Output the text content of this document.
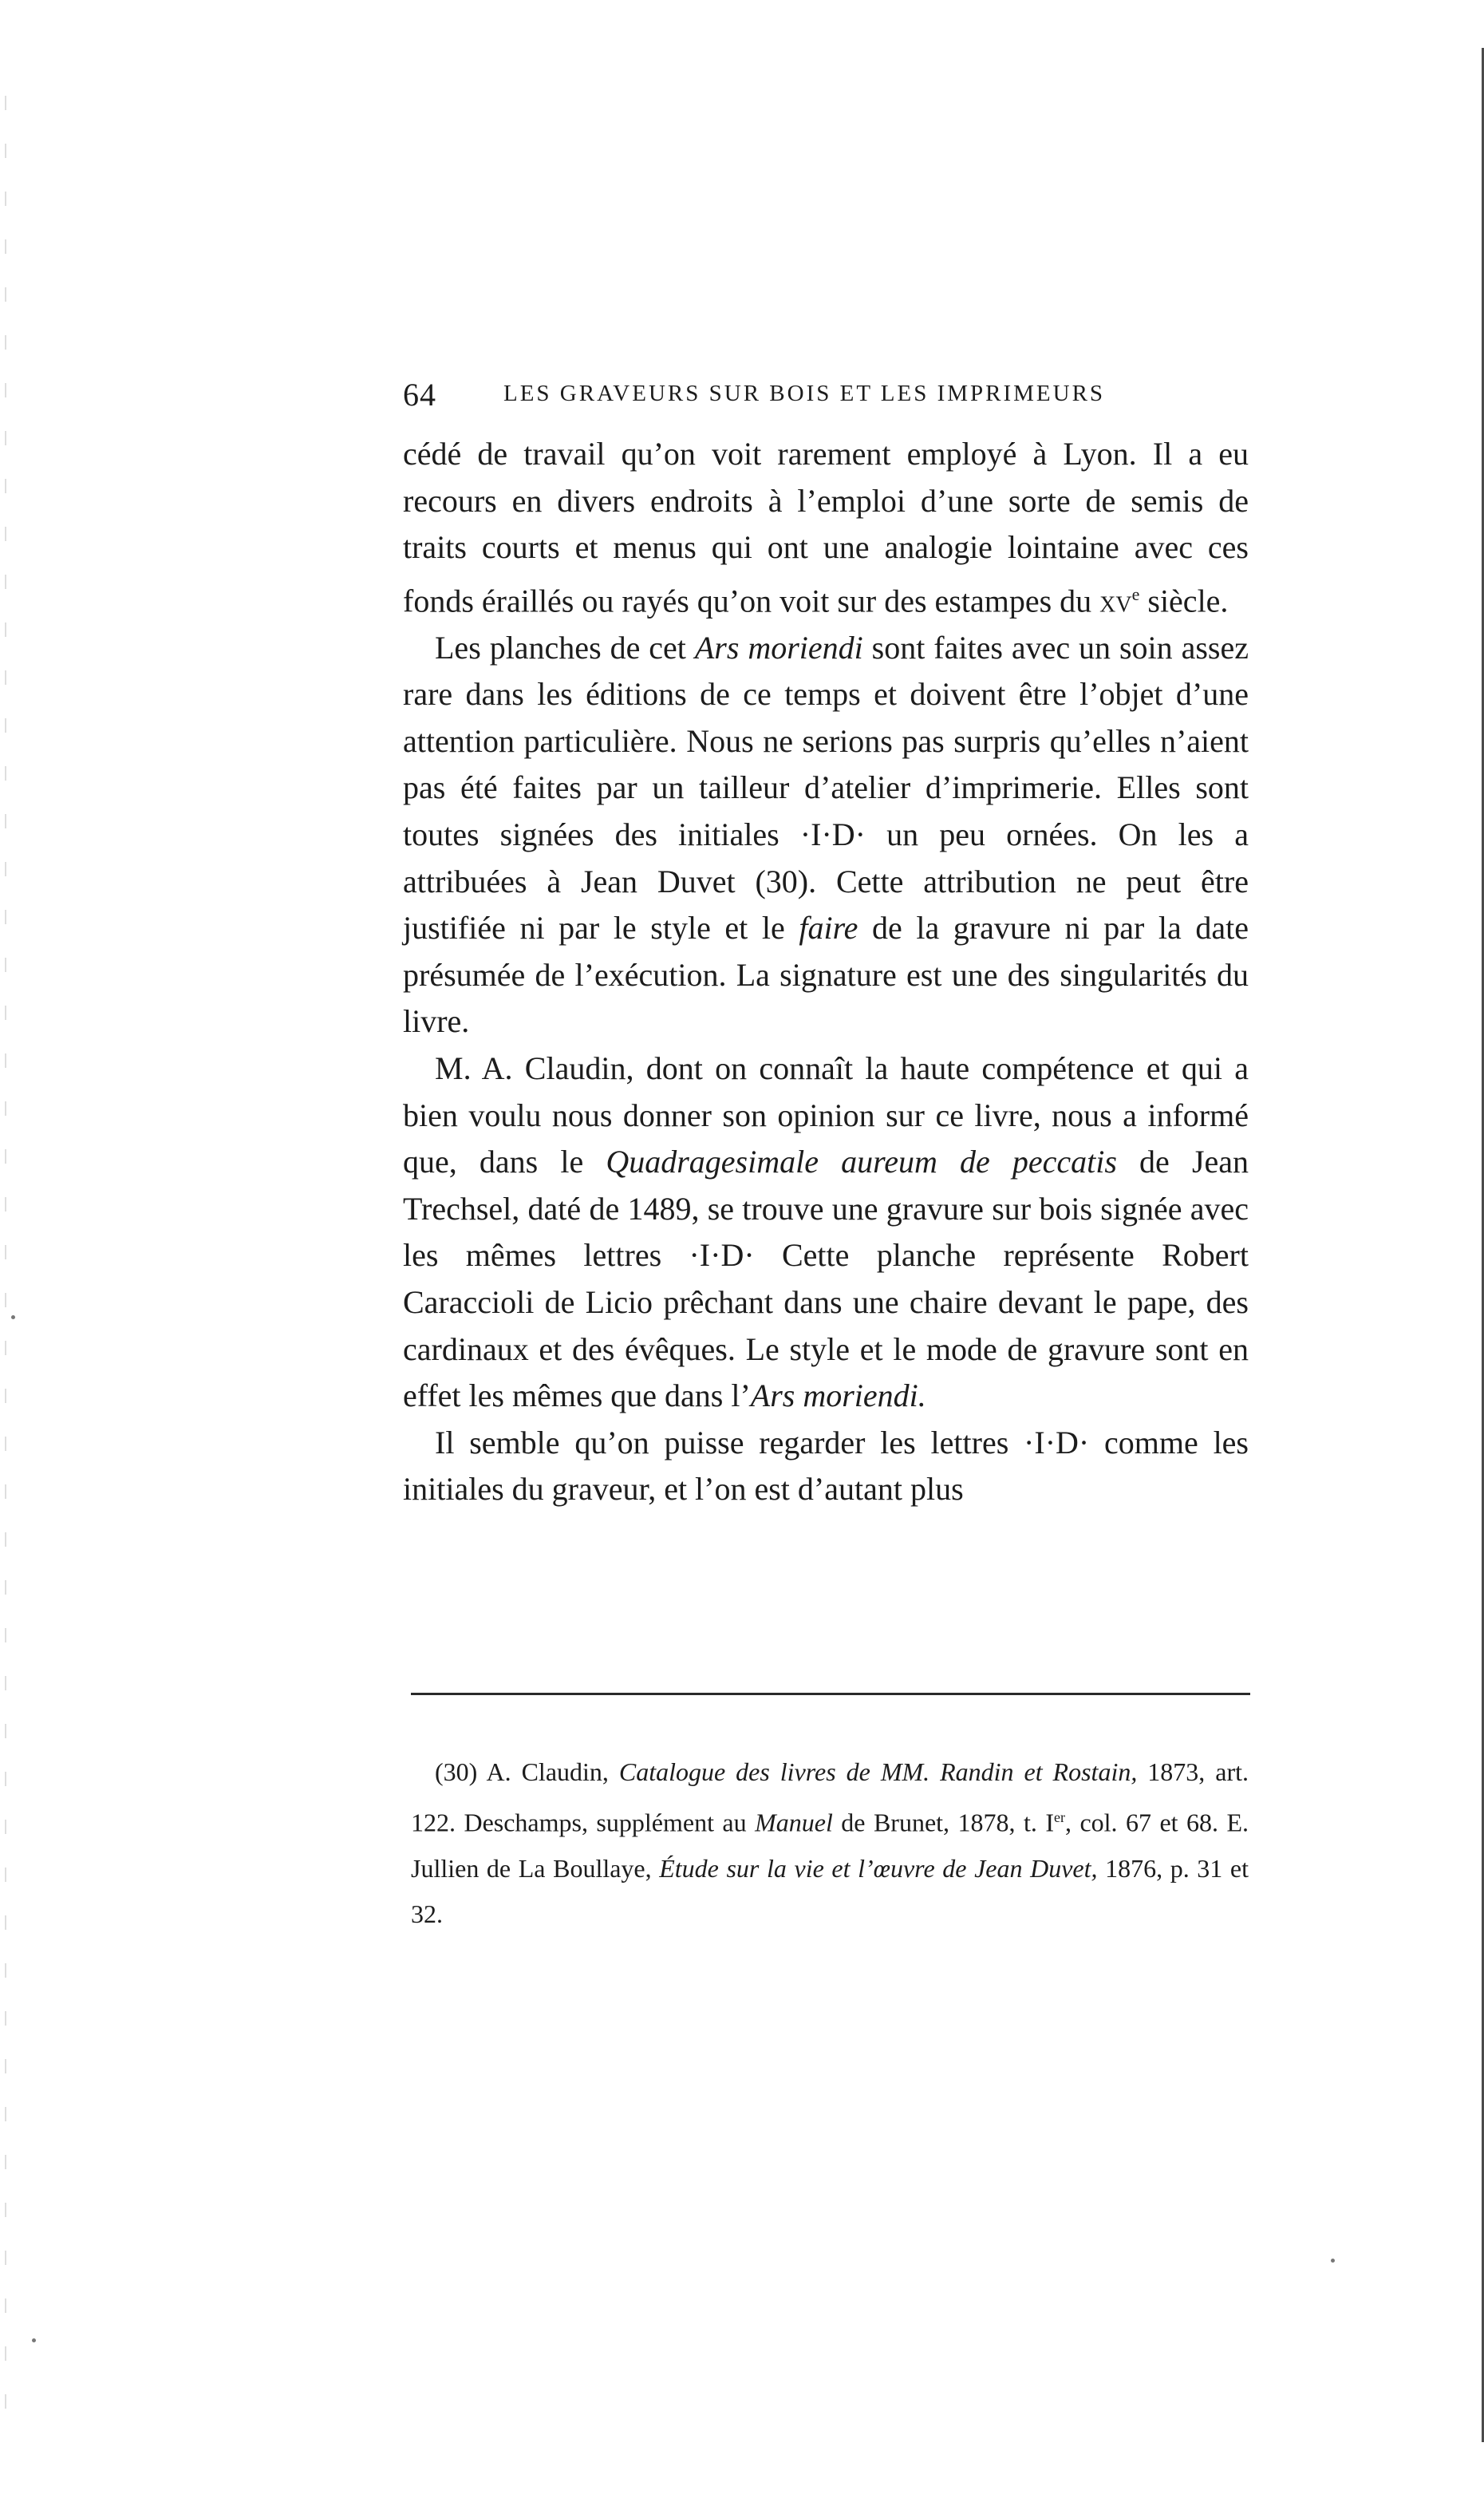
64	LES GRAVEURS SUR BOIS ET LES IMPRIMEURS

cédé de travail qu’on voit rarement employé à Lyon. Il a eu recours en divers endroits à l’emploi d’une sorte de semis de traits courts et menus qui ont une analogie lointaine avec ces fonds éraillés ou rayés qu’on voit sur des estampes du $xv^e$ siècle.

Les planches de cet Ars moriendi sont faites avec un soin assez rare dans les éditions de ce temps et doivent être l’objet d’une attention particulière. Nous ne serions pas surpris qu’elles n’aient pas été faites par un tailleur d’atelier d’imprimerie. Elles sont toutes signées des initiales ·I·D· un peu ornées. On les a attribuées à Jean Duvet (30). Cette attribution ne peut être justifiée ni par le style et le faire de la gravure ni par la date présumée de l’exécution. La signature est une des singularités du livre.

M. A. Claudin, dont on connaît la haute compétence et qui a bien voulu nous donner son opinion sur ce livre, nous a informé que, dans le Quadragesimale aureum de peccatis de Jean Trechsel, daté de 1489, se trouve une gravure sur bois signée avec les mêmes lettres ·I·D· Cette planche représente Robert Caraccioli de Licio prêchant dans une chaire devant le pape, des cardinaux et des évêques. Le style et le mode de gravure sont en effet les mêmes que dans l’Ars moriendi.

Il semble qu’on puisse regarder les lettres ·I·D· comme les initiales du graveur, et l’on est d’autant plus

(30) A. Claudin, Catalogue des livres de MM. Randin et Rostain, 1873, art. 122. Deschamps, supplément au Manuel de Brunet, 1878, t. Ier, col. 67 et 68. E. Jullien de La Boullaye, Étude sur la vie et l’œuvre de Jean Duvet, 1876, p. 31 et 32.
